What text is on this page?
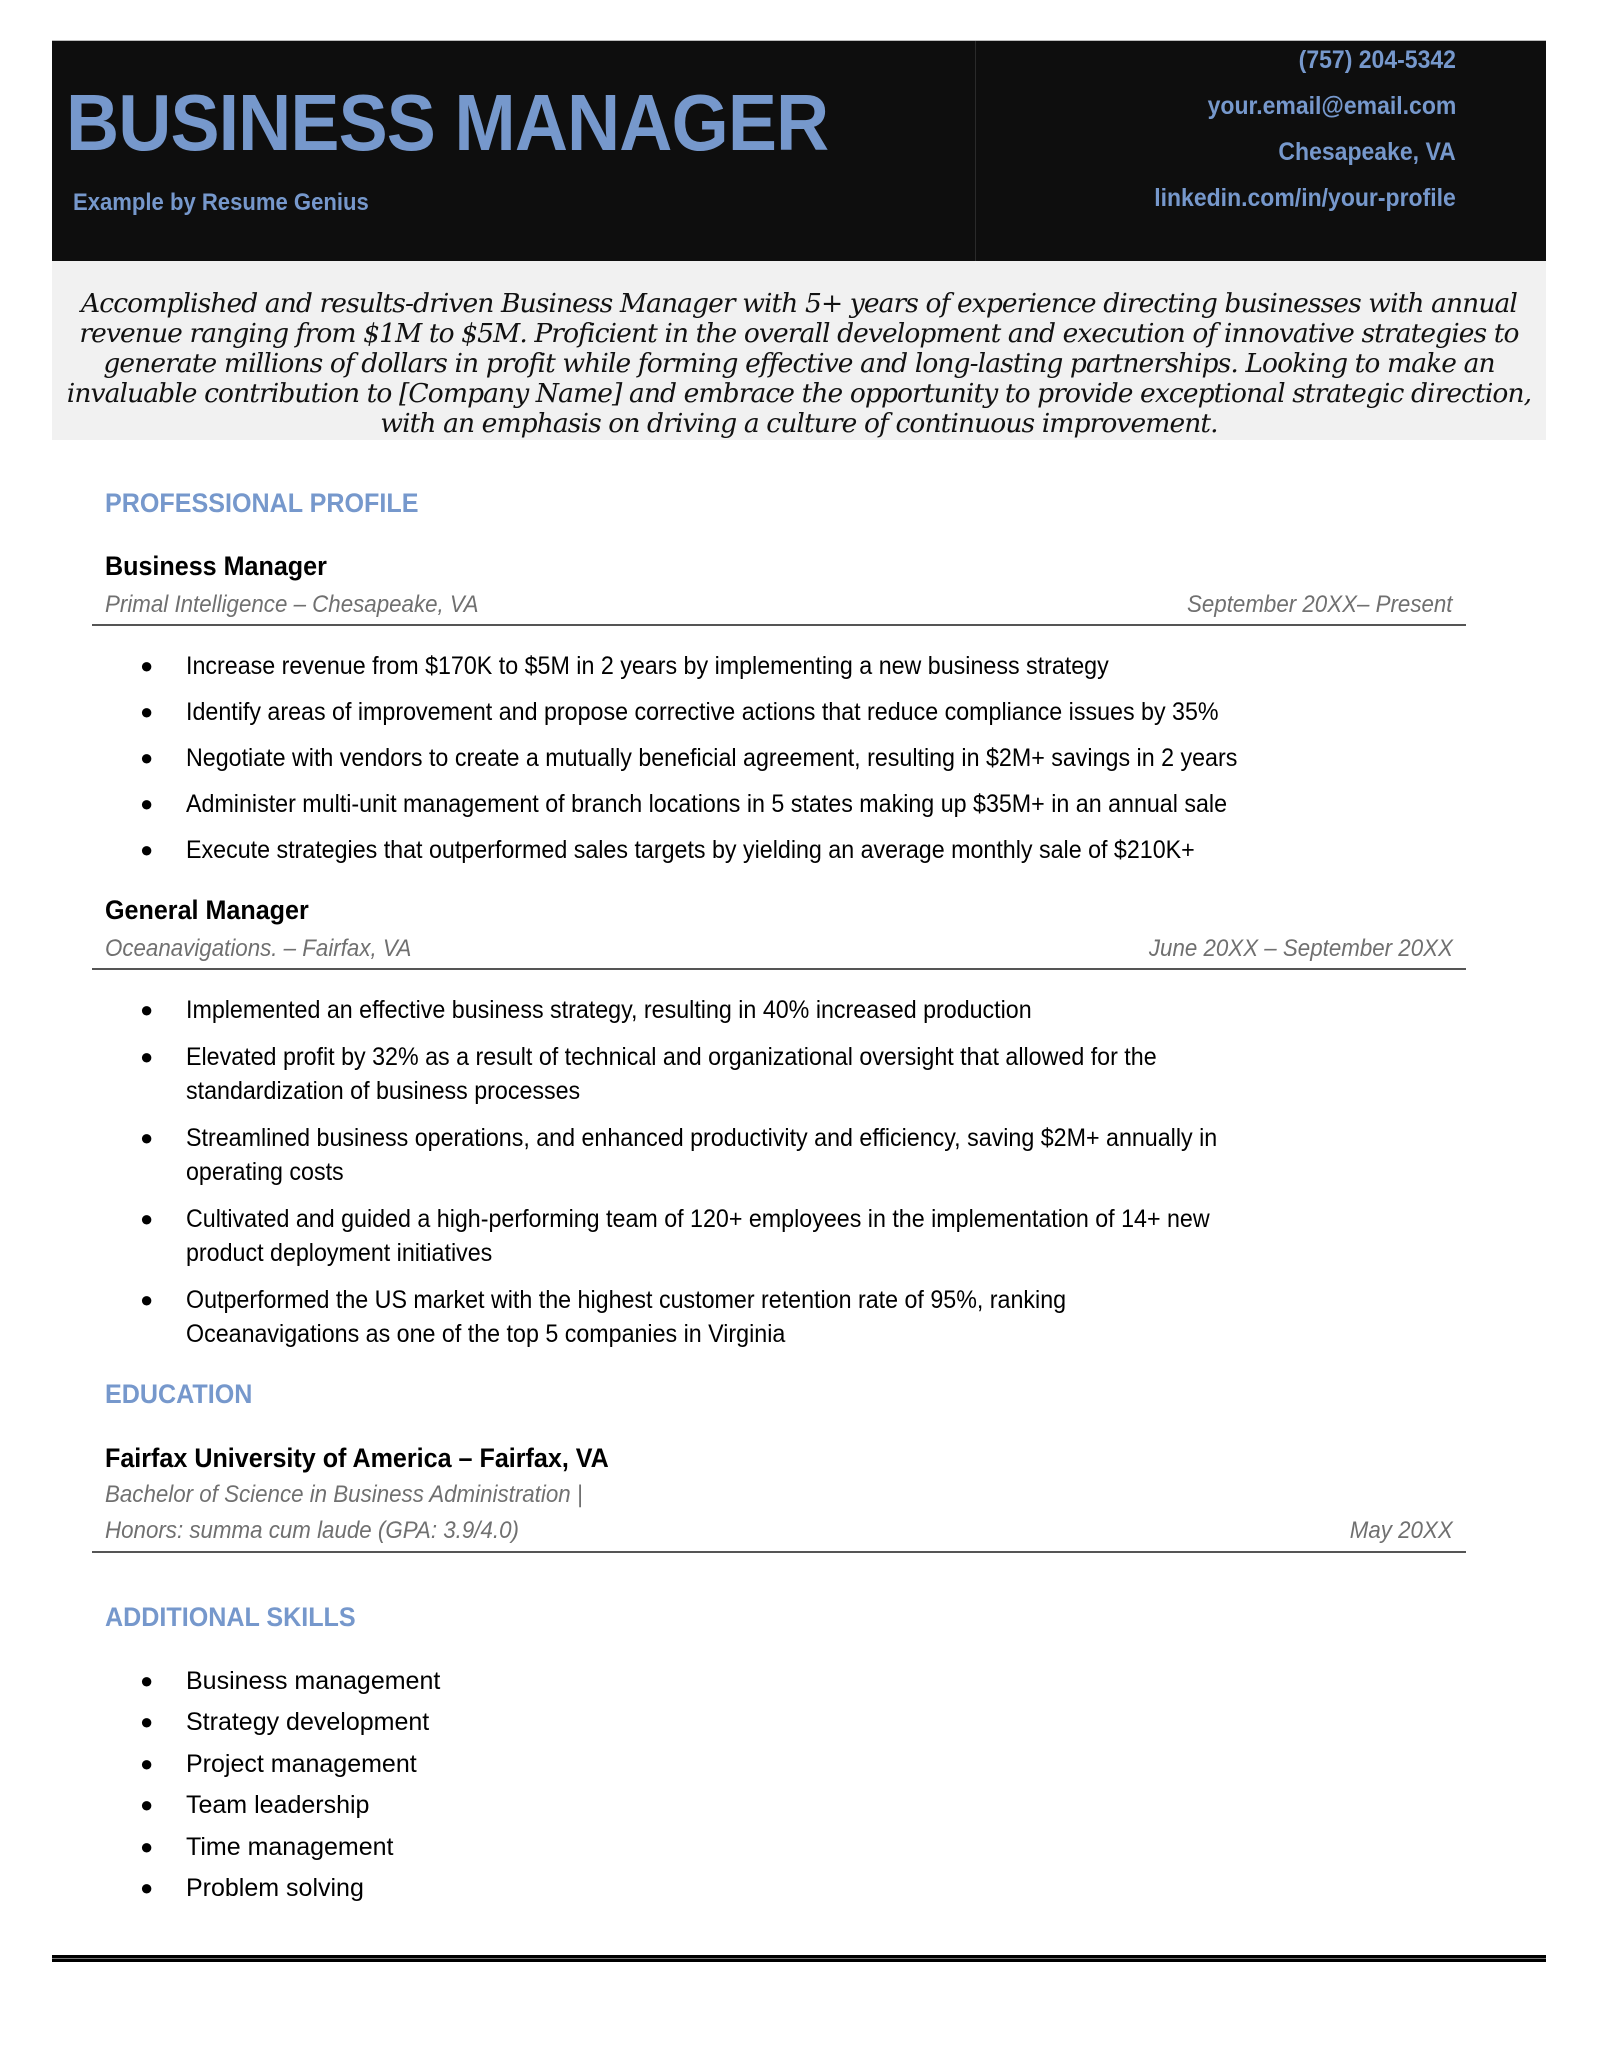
BUSINESS MANAGER
Example by Resume Genius
(757) 204-5342
your.email@email.com
Chesapeake, VA
linkedin.com/in/your-profile

Accomplished and results-driven Business Manager with 5+ years of experience directing businesses with annual revenue ranging from $1M to $5M. Proficient in the overall development and execution of innovative strategies to generate millions of dollars in profit while forming effective and long-lasting partnerships. Looking to make an invaluable contribution to [Company Name] and embrace the opportunity to provide exceptional strategic direction, with an emphasis on driving a culture of continuous improvement.

PROFESSIONAL PROFILE
Business Manager
Primal Intelligence – Chesapeake, VA	September 20XX– Present
●	Increase revenue from $170K to $5M in 2 years by implementing a new business strategy
●	Identify areas of improvement and propose corrective actions that reduce compliance issues by 35%
●	Negotiate with vendors to create a mutually beneficial agreement, resulting in $2M+ savings in 2 years
●	Administer multi-unit management of branch locations in 5 states making up $35M+ in an annual sale
●	Execute strategies that outperformed sales targets by yielding an average monthly sale of $210K+
General Manager
Oceanavigations. – Fairfax, VA	June 20XX – September 20XX
●	Implemented an effective business strategy, resulting in 40% increased production
●	Elevated profit by 32% as a result of technical and organizational oversight that allowed for the standardization of business processes
●	Streamlined business operations, and enhanced productivity and efficiency, saving $2M+ annually in operating costs
●	Cultivated and guided a high-performing team of 120+ employees in the implementation of 14+ new product deployment initiatives
●	Outperformed the US market with the highest customer retention rate of 95%, ranking Oceanavigations as one of the top 5 companies in Virginia
EDUCATION
Fairfax University of America – Fairfax, VA
Bachelor of Science in Business Administration |
Honors: summa cum laude (GPA: 3.9/4.0)	May 20XX
ADDITIONAL SKILLS
● Business management
● Strategy development
● Project management
● Team leadership
● Time management
● Problem solving
